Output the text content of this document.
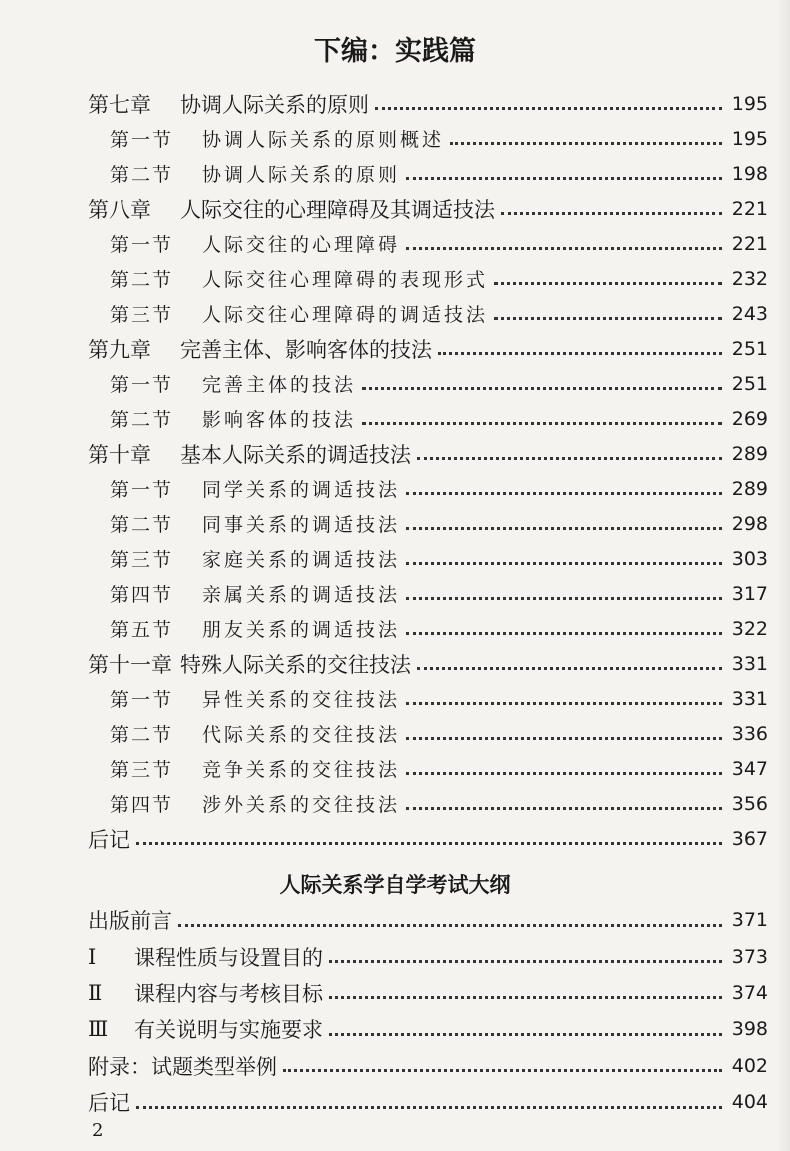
下编：实践篇
第七章	协调人际关系的原则	195
第一节	协调人际关系的原则概述	195
第二节	协调人际关系的原则	198
第八章	人际交往的心理障碍及其调适技法	221
第一节	人际交往的心理障碍	221
第二节	人际交往心理障碍的表现形式	232
第三节	人际交往心理障碍的调适技法	243
第九章	完善主体、影响客体的技法	251
第一节	完善主体的技法	251
第二节	影响客体的技法	269
第十章	基本人际关系的调适技法	289
第一节	同学关系的调适技法	289
第二节	同事关系的调适技法	298
第三节	家庭关系的调适技法	303
第四节	亲属关系的调适技法	317
第五节	朋友关系的调适技法	322
第十一章 特殊人际关系的交往技法	331
第一节	异性关系的交往技法	331
第二节	代际关系的交往技法	336
第三节	竞争关系的交往技法	347
第四节	涉外关系的交往技法	356
后记	367
人际关系学自学考试大纲
出版前言	371
Ⅰ	课程性质与设置目的	373
Ⅱ	课程内容与考核目标	374
Ⅲ	有关说明与实施要求	398
附录：试题类型举例	402
后记	404
2
